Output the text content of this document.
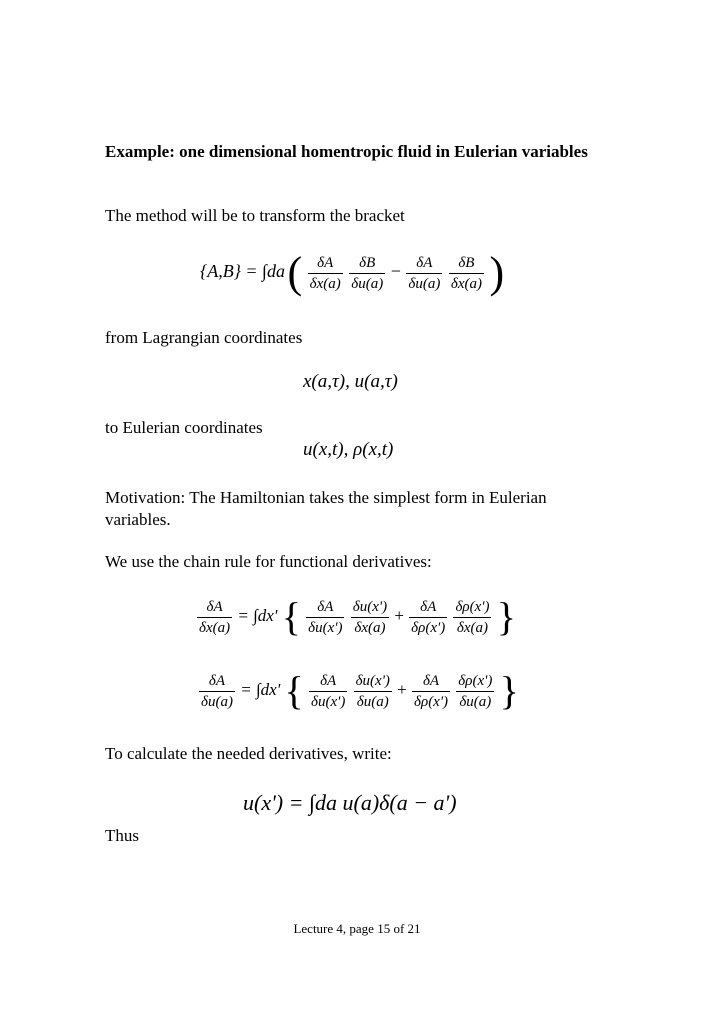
Example: one dimensional homentropic fluid in Eulerian variables
The method will be to transform the bracket
{A,B} = ∫da ( $\frac{\delta A}{\delta x(a)}$
$\frac{\delta B}{\delta u(a)} - \frac{\delta A}{\delta u(a)}$
$\frac{\delta B}{\delta x(a)}$ )
from Lagrangian coordinates
x(a,τ), u(a,τ)
to Eulerian coordinates
u(x,t), ρ(x,t)
Motivation: The Hamiltonian takes the simplest form in Eulerian variables.
We use the chain rule for functional derivatives:
$\frac{\delta A}{\delta x(a)} = \int dx'$ { $\frac{\delta A}{\delta u(x')}$
$\frac{\delta u(x')}{\delta x(a)} + \frac{\delta A}{\delta\rho(x')}$
$\frac{\delta\rho(x')}{\delta x(a)}$ }
$\frac{\delta A}{\delta u(a)} = \int dx'$ { $\frac{\delta A}{\delta u(x')}$
$\frac{\delta u(x')}{\delta u(a)} + \frac{\delta A}{\delta\rho(x')}$
$\frac{\delta\rho(x')}{\delta u(a)}$ }
To calculate the needed derivatives, write:
u(x') = ∫da u(a)δ(a − a')
Thus
Lecture 4, page 15 of 21
